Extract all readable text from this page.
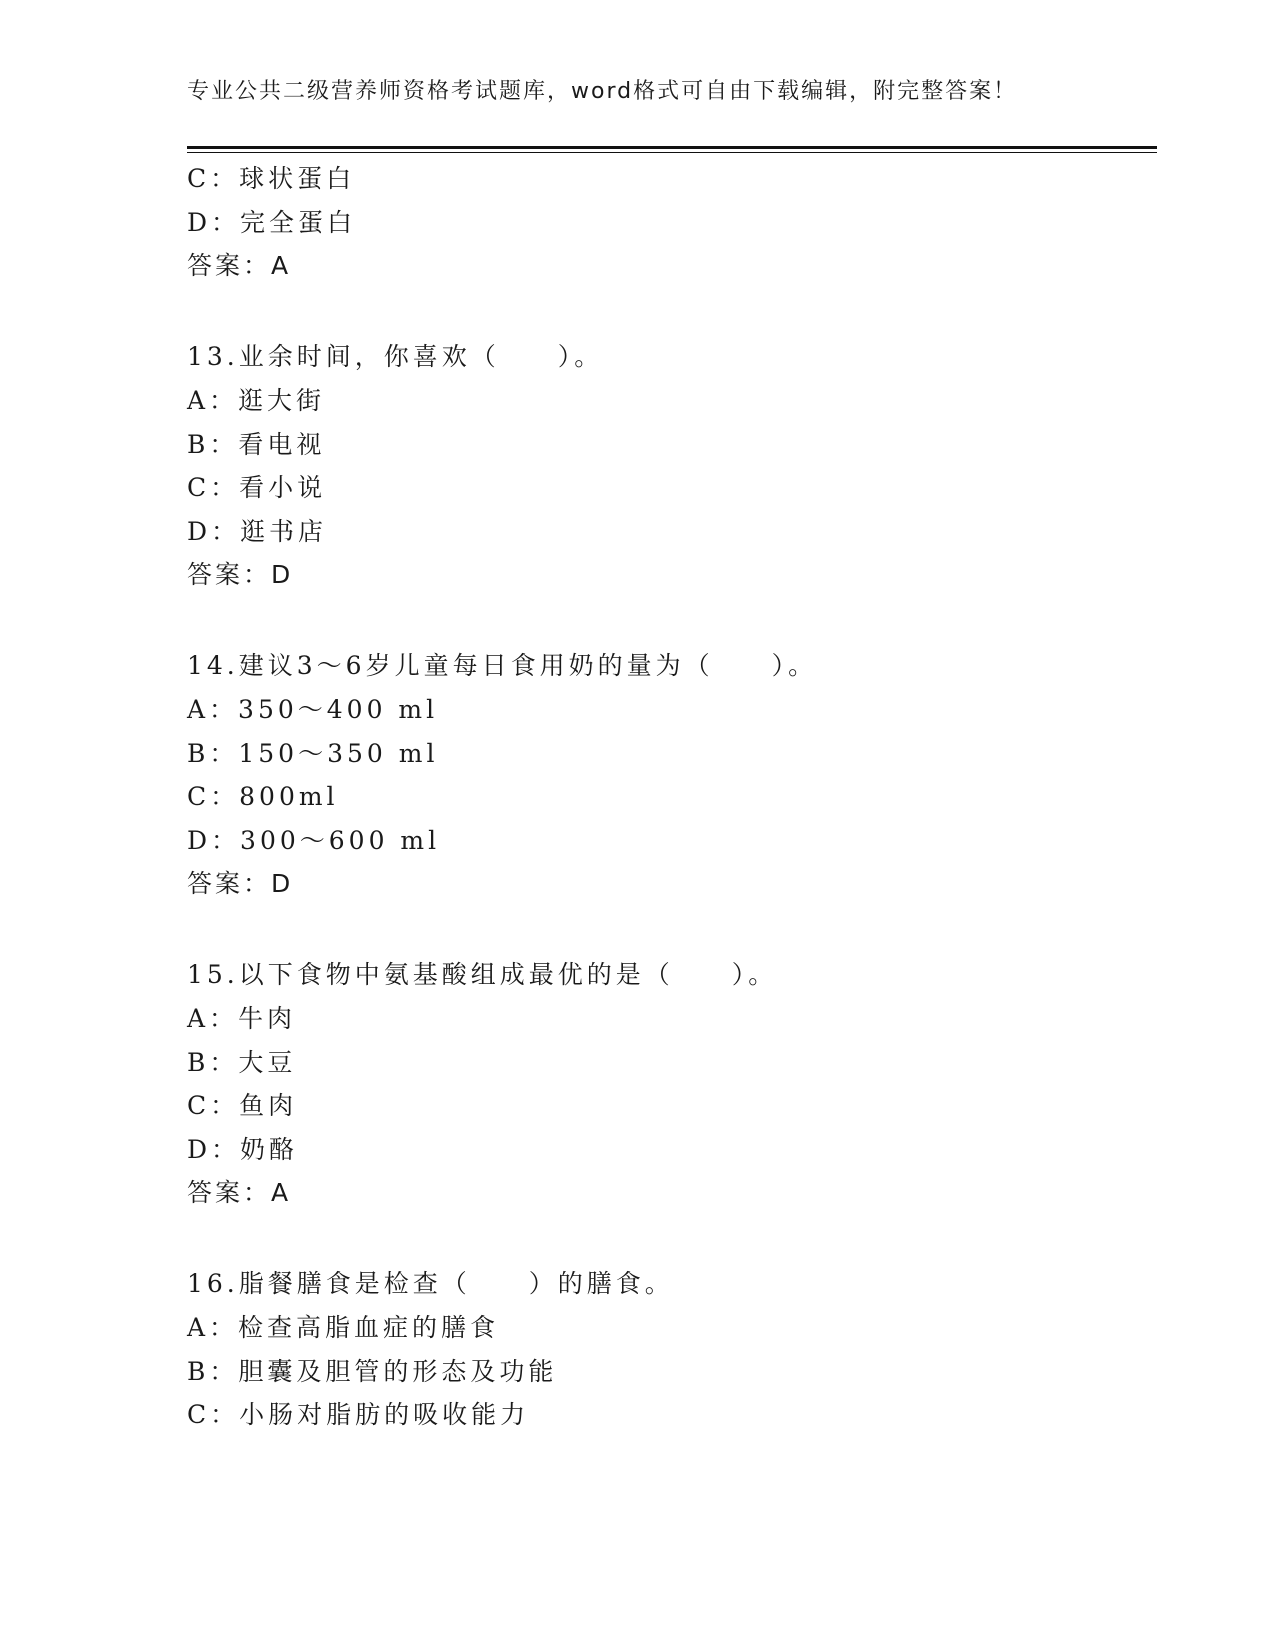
专业公共二级营养师资格考试题库，word格式可自由下载编辑，附完整答案！
C：球状蛋白
D：完全蛋白
答案：A
13.业余时间，你喜欢（　　）。
A：逛大街
B：看电视
C：看小说
D：逛书店
答案：D
14.建议3～6岁儿童每日食用奶的量为（　　）。
A：350～400 ml
B：150～350 ml
C：800ml
D：300～600 ml
答案：D
15.以下食物中氨基酸组成最优的是（　　）。
A：牛肉
B：大豆
C：鱼肉
D：奶酪
答案：A
16.脂餐膳食是检查（　　）的膳食。
A：检查高脂血症的膳食
B：胆囊及胆管的形态及功能
C：小肠对脂肪的吸收能力
